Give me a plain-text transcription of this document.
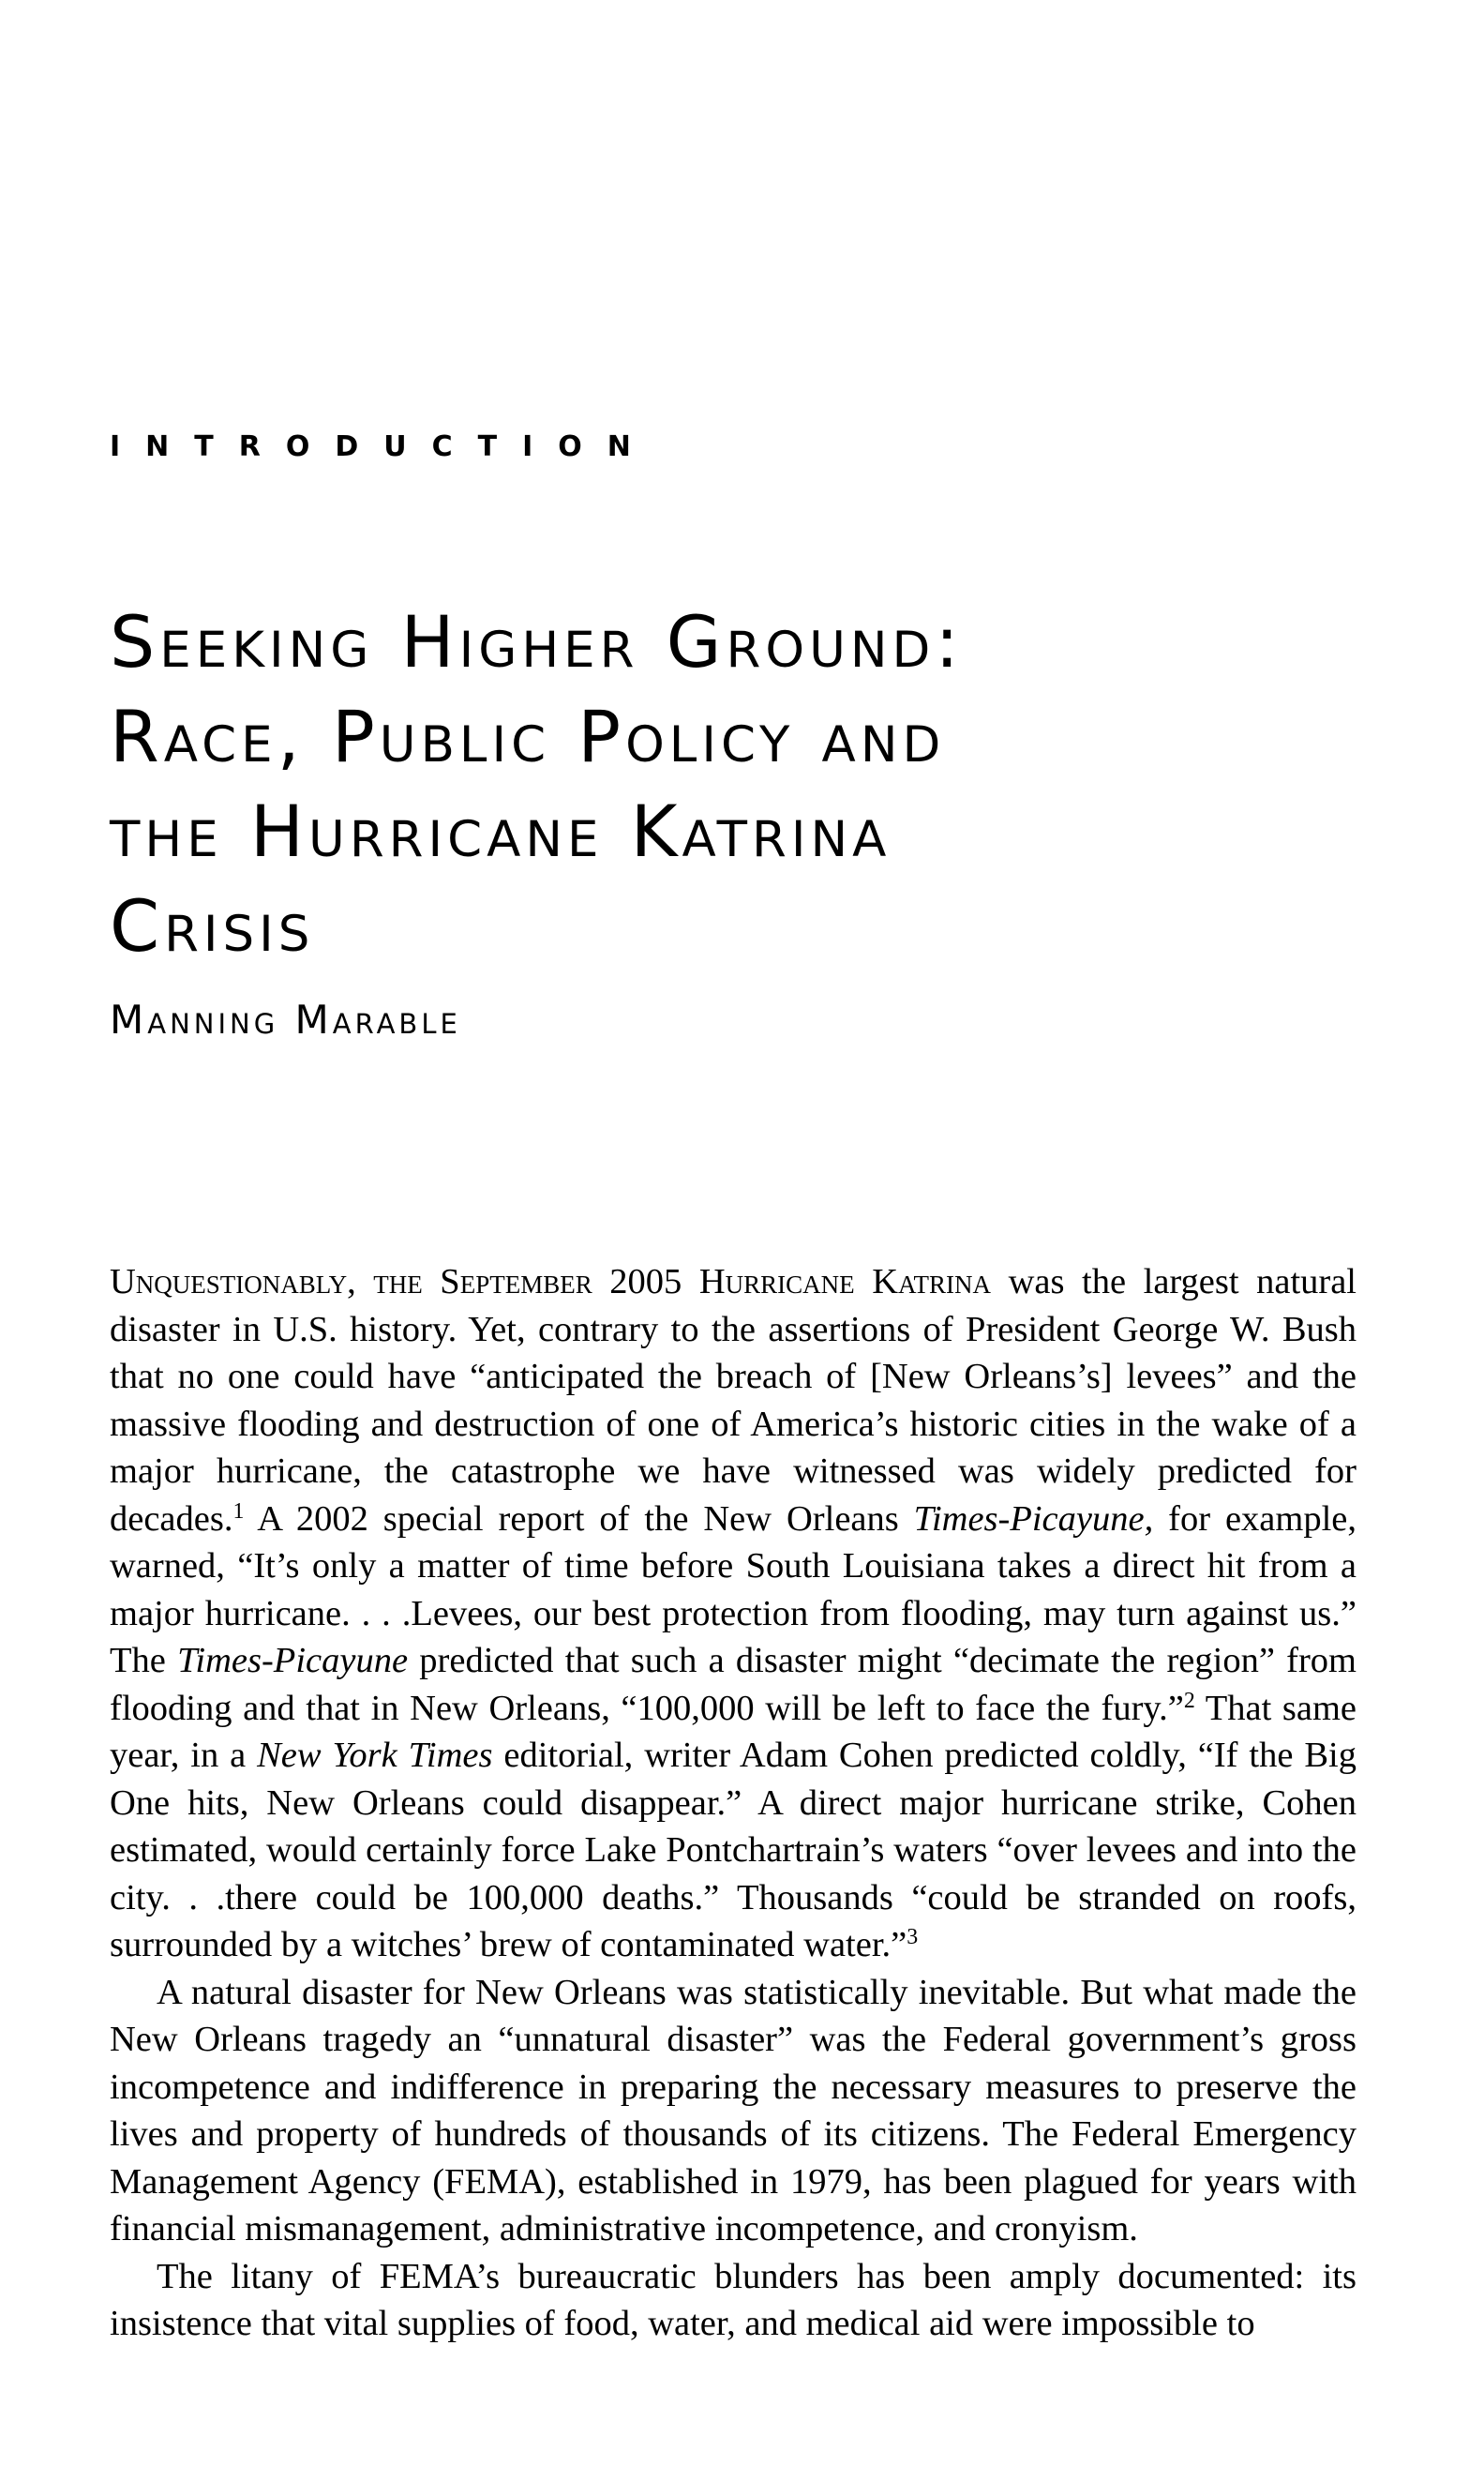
INTRODUCTION
Seeking Higher Ground:
Race, Public Policy and
the Hurricane Katrina
Crisis
Manning Marable

Unquestionably, the September 2005 Hurricane Katrina was the largest natural disaster in U.S. history. Yet, contrary to the assertions of President George W. Bush that no one could have “anticipated the breach of [New Orleans’s] levees” and the massive flooding and destruction of one of America’s historic cities in the wake of a major hurricane, the catastrophe we have witnessed was widely predicted for decades.$^1$ A 2002 special report of the New Orleans Times-Picayune, for example, warned, “It’s only a matter of time before South Louisiana takes a direct hit from a major hurricane. . . .Levees, our best protection from flooding, may turn against us.” The Times-Picayune predicted that such a disaster might “decimate the region” from flooding and that in New Orleans, “100,000 will be left to face the fury.”$^2$ That same year, in a New York Times editorial, writer Adam Cohen predicted coldly, “If the Big One hits, New Orleans could disappear.” A direct major hurricane strike, Cohen estimated, would certainly force Lake Pontchartrain’s waters “over levees and into the city. . .there could be 100,000 deaths.” Thousands “could be stranded on roofs, surrounded by a witches’ brew of contaminated water.”$^3$

A natural disaster for New Orleans was statistically inevitable. But what made the New Orleans tragedy an “unnatural disaster” was the Federal government’s gross incompetence and indifference in preparing the necessary measures to preserve the lives and property of hundreds of thousands of its citizens. The Federal Emergency Management Agency (FEMA), established in 1979, has been plagued for years with financial mismanagement, administrative incompetence, and cronyism.

The litany of FEMA’s bureaucratic blunders has been amply documented: its insistence that vital supplies of food, water, and medical aid were impossible to
